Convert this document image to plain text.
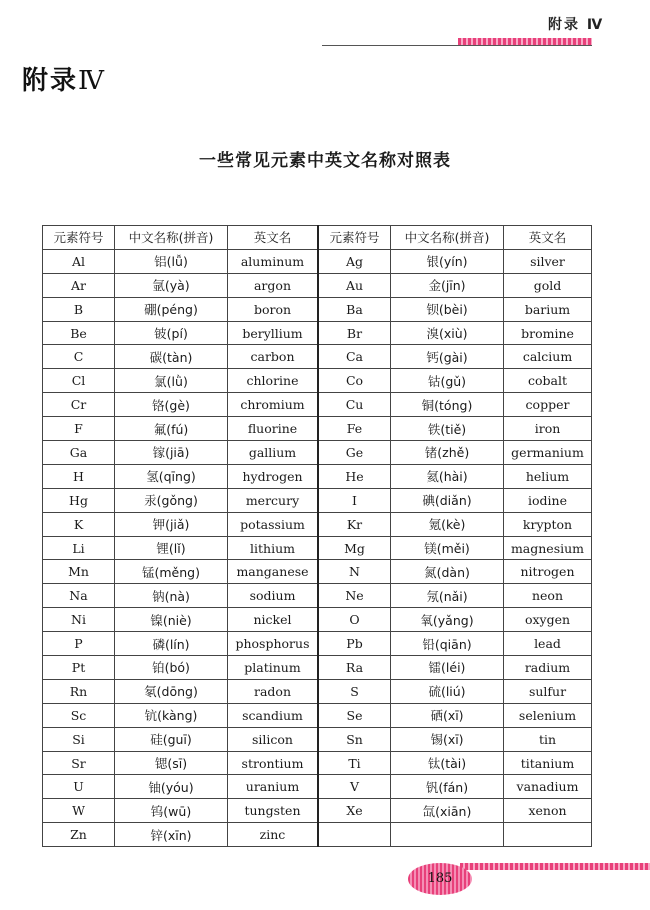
附录 Ⅳ
附录Ⅳ
一些常见元素中英文名称对照表
元素符号	中文名称(拼音)	英文名	元素符号	中文名称(拼音)	英文名
Al	铝(lǚ)	aluminum	Ag	银(yín)	silver
Ar	氩(yà)	argon	Au	金(jīn)	gold
B	硼(péng)	boron	Ba	钡(bèi)	barium
Be	铍(pí)	beryllium	Br	溴(xiù)	bromine
C	碳(tàn)	carbon	Ca	钙(gài)	calcium
Cl	氯(lǜ)	chlorine	Co	钴(gǔ)	cobalt
Cr	铬(gè)	chromium	Cu	铜(tóng)	copper
F	氟(fú)	fluorine	Fe	铁(tiě)	iron
Ga	镓(jiā)	gallium	Ge	锗(zhě)	germanium
H	氢(qīng)	hydrogen	He	氦(hài)	helium
Hg	汞(gǒng)	mercury	I	碘(diǎn)	iodine
K	钾(jiǎ)	potassium	Kr	氪(kè)	krypton
Li	锂(lǐ)	lithium	Mg	镁(měi)	magnesium
Mn	锰(měng)	manganese	N	氮(dàn)	nitrogen
Na	钠(nà)	sodium	Ne	氖(nǎi)	neon
Ni	镍(niè)	nickel	O	氧(yǎng)	oxygen
P	磷(lín)	phosphorus	Pb	铅(qiān)	lead
Pt	铂(bó)	platinum	Ra	镭(léi)	radium
Rn	氡(dōng)	radon	S	硫(liú)	sulfur
Sc	钪(kàng)	scandium	Se	硒(xī)	selenium
Si	硅(guī)	silicon	Sn	锡(xī)	tin
Sr	锶(sī)	strontium	Ti	钛(tài)	titanium
U	铀(yóu)	uranium	V	钒(fán)	vanadium
W	钨(wū)	tungsten	Xe	氙(xiān)	xenon
Zn	锌(xīn)	zinc			
185
